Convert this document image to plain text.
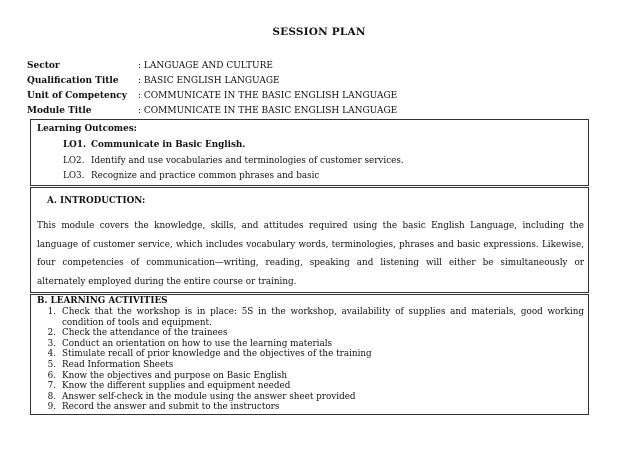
SESSION PLAN
Sector	: LANGUAGE AND CULTURE
Qualification Title	: BASIC ENGLISH LANGUAGE
Unit of Competency	: COMMUNICATE IN THE BASIC ENGLISH LANGUAGE
Module Title	: COMMUNICATE IN THE BASIC ENGLISH LANGUAGE
Learning Outcomes:
LO1. Communicate in Basic English.
LO2. Identify and use vocabularies and terminologies of customer services.
LO3. Recognize and practice common phrases and basic
A. INTRODUCTION:
This module covers the knowledge, skills, and attitudes required using the basic English Language, including the language of customer service, which includes vocabulary words, terminologies, phrases and basic expressions. Likewise, four competencies of communication—writing, reading, speaking and listening will either be simultaneously or alternately employed during the entire course or training.
B. LEARNING ACTIVITIES
1. Check that the workshop is in place: 5S in the workshop, availability of supplies and materials, good working condition of tools and equipment.
2. Check the attendance of the trainees
3. Conduct an orientation on how to use the learning materials
4. Stimulate recall of prior knowledge and the objectives of the training
5. Read Information Sheets
6. Know the objectives and purpose on Basic English
7. Know the different supplies and equipment needed
8. Answer self-check in the module using the answer sheet provided
9. Record the answer and submit to the instructors
